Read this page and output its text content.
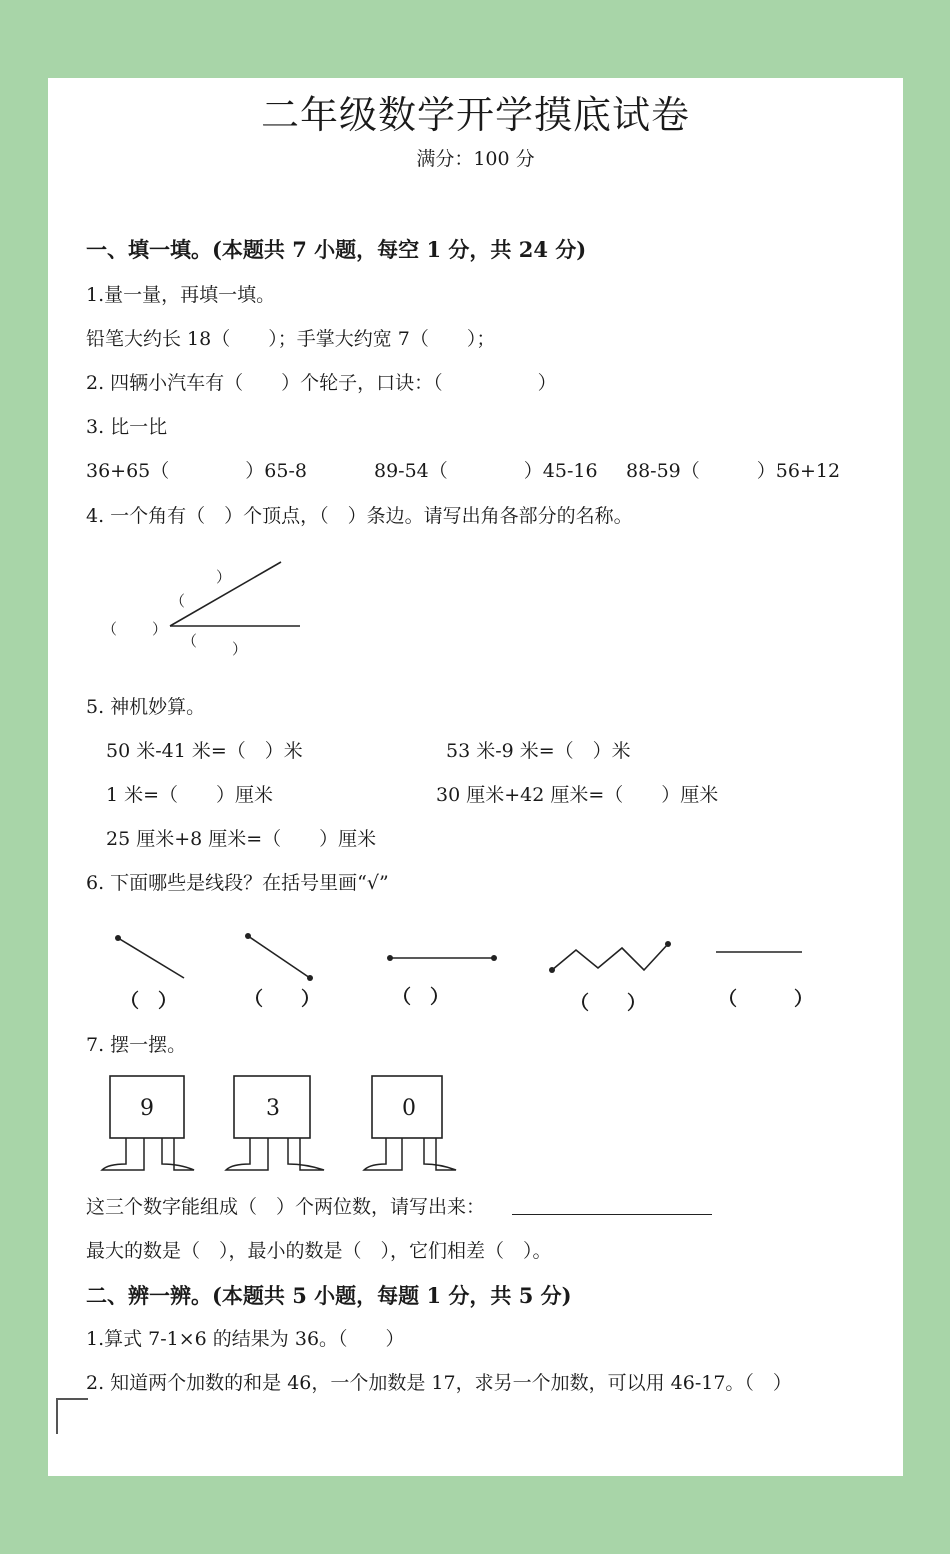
二年级数学开学摸底试卷
满分：100 分
一、填一填。(本题共 7 小题，每空 1 分，共 24 分)
1.量一量，再填一填。
铅笔大约长 18（　　）；手掌大约宽 7（　　）；
2. 四辆小汽车有（　　）个轮子，口诀：（　　　　　）
3. 比一比
36+65（　　　　）65-8	89-54（　　　　）45-16 88-59（　　　）56+12
4. 一个角有（　）个顶点，（　）条边。请写出角各部分的名称。
（ ）
（
）
（ ）
5. 神机妙算。
50 米-41 米=（　）米	53 米-9 米=（　）米
1 米=（　　）厘米	30 厘米+42 厘米=（　　）厘米
25 厘米+8 厘米=（　　）厘米
6. 下面哪些是线段？在括号里画“√”
（　）	（　　）	（　）	（　　）	（　　　）
7. 摆一摆。
9	3	0
这三个数字能组成（　）个两位数，请写出来：
最大的数是（　），最小的数是（　），它们相差（　）。
二、辨一辨。(本题共 5 小题，每题 1 分，共 5 分)
1.算式 7-1×6 的结果为 36。（　　）
2. 知道两个加数的和是 46，一个加数是 17，求另一个加数，可以用 46-17。（　）
